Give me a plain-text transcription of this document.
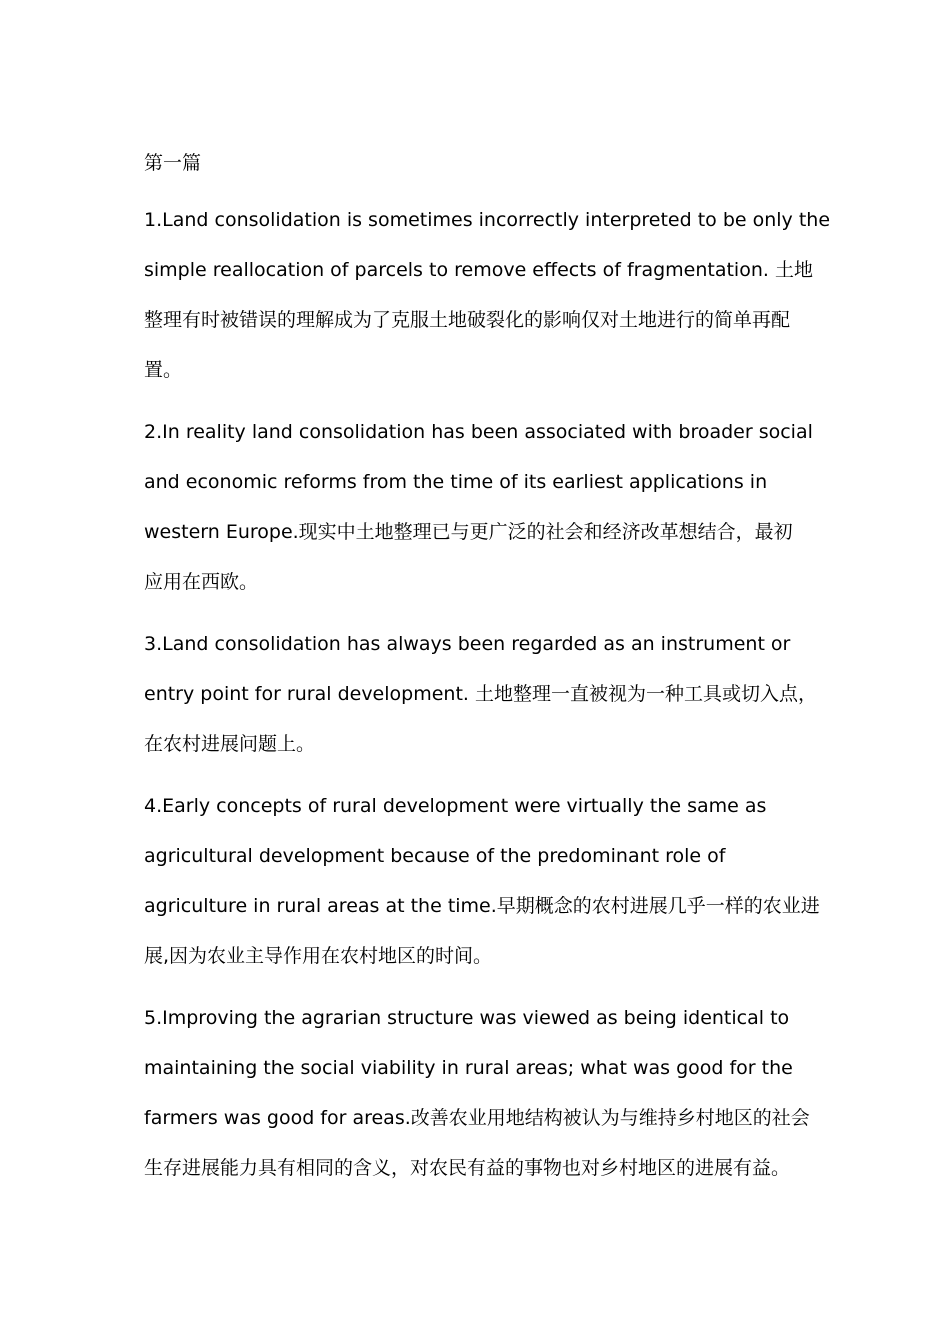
第一篇
1.Land consolidation is sometimes incorrectly interpreted to be only the
simple reallocation of parcels to remove effects of fragmentation. 土地
整理有时被错误的理解成为了克服土地破裂化的影响仅对土地进行的简单再配
置。
2.In reality land consolidation has been associated with broader social
and economic reforms from the time of its earliest applications in
western Europe.现实中土地整理已与更广泛的社会和经济改革想结合，最初
应用在西欧。
3.Land consolidation has always been regarded as an instrument or
entry point for rural development. 土地整理一直被视为一种工具或切入点，
在农村进展问题上。
4.Early concepts of rural development were virtually the same as
agricultural development because of the predominant role of
agriculture in rural areas at the time.早期概念的农村进展几乎一样的农业进
展,因为农业主导作用在农村地区的时间。
5.Improving the agrarian structure was viewed as being identical to
maintaining the social viability in rural areas; what was good for the
farmers was good for areas.改善农业用地结构被认为与维持乡村地区的社会
生存进展能力具有相同的含义，对农民有益的事物也对乡村地区的进展有益。
